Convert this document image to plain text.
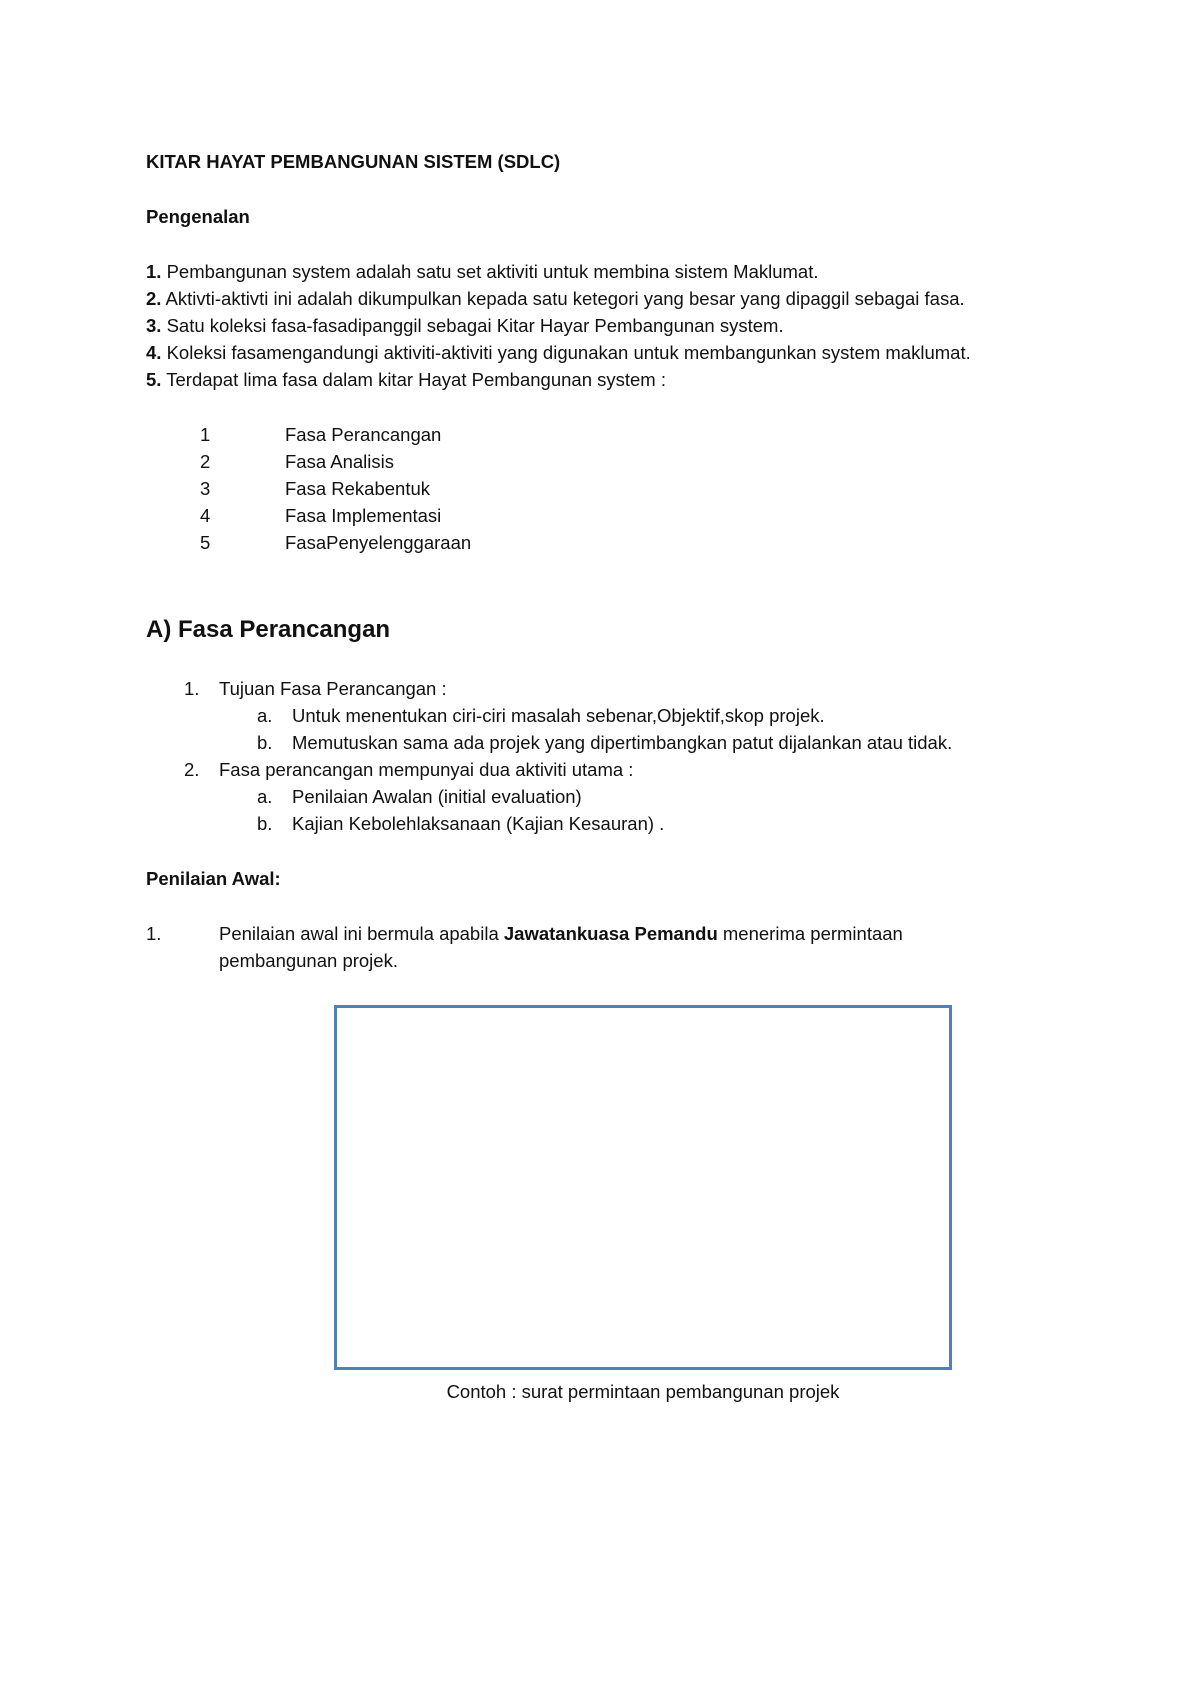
KITAR HAYAT PEMBANGUNAN SISTEM (SDLC)
Pengenalan
1. Pembangunan system adalah satu set aktiviti untuk membina sistem Maklumat.
2. Aktivti-aktivti ini adalah dikumpulkan kepada satu ketegori yang besar yang dipaggil sebagai fasa.
3. Satu koleksi fasa-fasadipanggil sebagai Kitar Hayar Pembangunan system.
4. Koleksi fasamengandungi aktiviti-aktiviti yang digunakan untuk membangunkan system maklumat.
5. Terdapat lima fasa dalam kitar Hayat Pembangunan system :
1	Fasa Perancangan
2	Fasa Analisis
3	Fasa Rekabentuk
4	Fasa Implementasi
5	FasaPenyelenggaraan
A) Fasa Perancangan
1. Tujuan Fasa Perancangan :
a. Untuk menentukan ciri-ciri masalah sebenar,Objektif,skop projek.
b. Memutuskan sama ada projek yang dipertimbangkan patut dijalankan atau tidak.
2. Fasa perancangan mempunyai dua aktiviti utama :
a. Penilaian Awalan (initial evaluation)
b. Kajian Kebolehlaksanaan (Kajian Kesauran) .
Penilaian Awal:
1.	Penilaian awal ini bermula apabila Jawatankuasa Pemandu menerima permintaan
pembangunan projek.
Contoh : surat permintaan pembangunan projek
